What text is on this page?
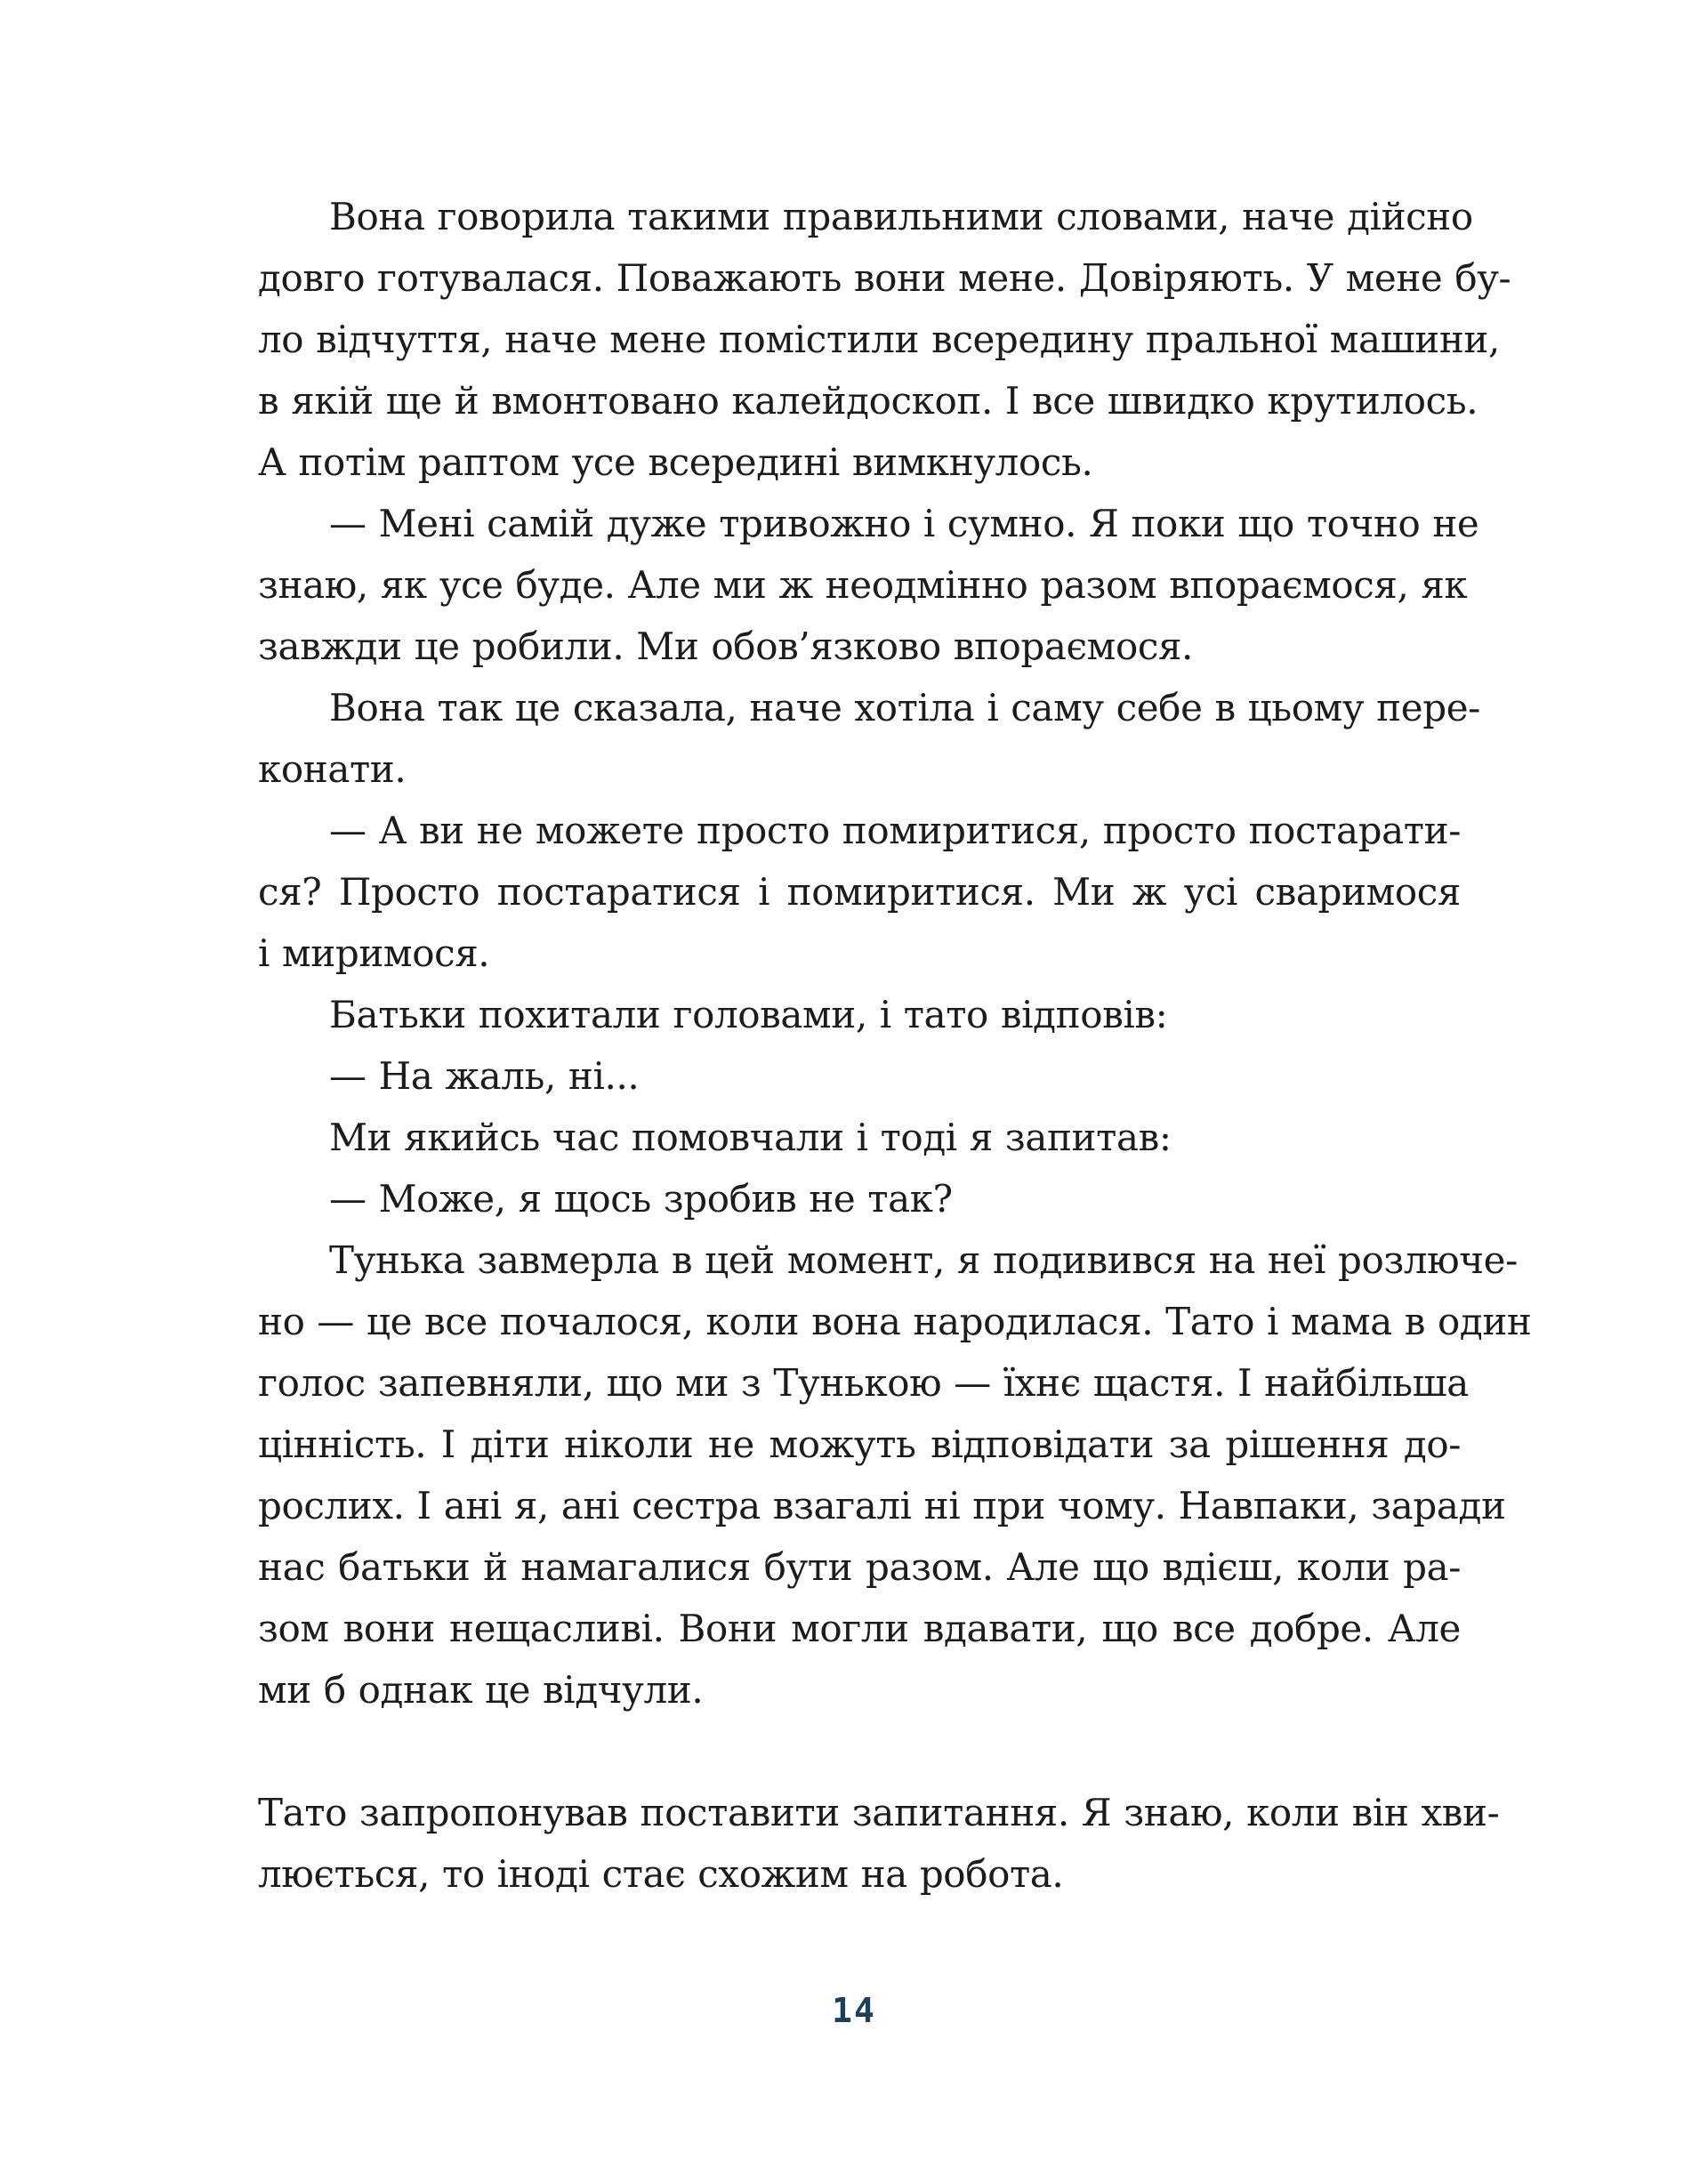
Вона говорила такими правильними словами, наче дійсно
довго готувалася. Поважають вони мене. Довіряють. У мене бу-
ло відчуття, наче мене помістили всередину пральної машини,
в якій ще й вмонтовано калейдоскоп. І все швидко крутилось.
А потім раптом усе всередині вимкнулось.
— Мені самій дуже тривожно і сумно. Я поки що точно не
знаю, як усе буде. Але ми ж неодмінно разом впораємося, як
завжди це робили. Ми обов’язково впораємося.
Вона так це сказала, наче хотіла і саму себе в цьому пере-
конати.
— А ви не можете просто помиритися, просто постарати-
ся? Просто постаратися і помиритися. Ми ж усі сваримося
і миримося.
Батьки похитали головами, і тато відповів:
— На жаль, ні...
Ми якийсь час помовчали і тоді я запитав:
— Може, я щось зробив не так?
Тунька завмерла в цей момент, я подивився на неї розлюче-
но — це все почалося, коли вона народилася. Тато і мама в один
голос запевняли, що ми з Тунькою — їхнє щастя. І найбільша
цінність. І діти ніколи не можуть відповідати за рішення до-
рослих. І ані я, ані сестра взагалі ні при чому. Навпаки, заради
нас батьки й намагалися бути разом. Але що вдієш, коли ра-
зом вони нещасливі. Вони могли вдавати, що все добре. Але
ми б однак це відчули.
Тато запропонував поставити запитання. Я знаю, коли він хви-
люється, то іноді стає схожим на робота.
14
